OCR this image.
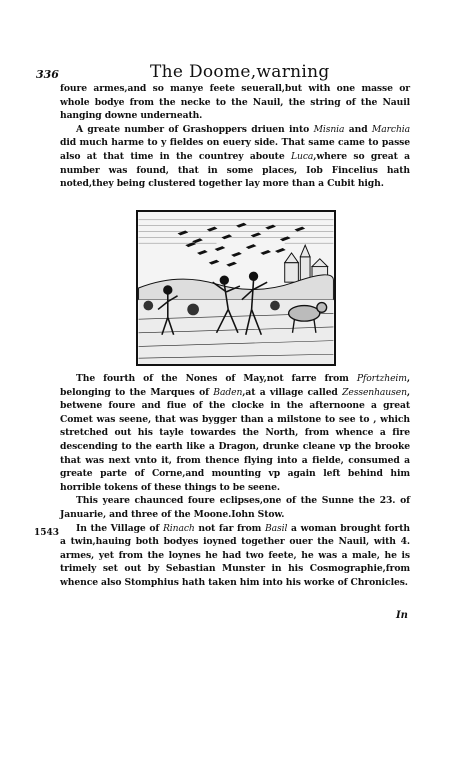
336	The Doome,warning

foure armes,and so manye feete seuerall,but with one masse or whole bodye from the necke to the Nauil, the string of the Nauil hanging downe underneath.

A greate number of Grashoppers driuen into Misnia and Marchia did much harme to y fieldes on euery side. That same came to passe also at that time in the countrey aboute Luca,where so great a number was found, that in some places, Iob Fincelius hath noted,they being clustered together lay more than a Cubit high.

The fourth of the Nones of May,not farre from Pfortzheim, belonging to the Marques of Baden,at a village called Zessenhausen, betwene foure and fiue of the clocke in the afternoone a great Comet was seene, that was bygger than a milstone to see to , which stretched out his tayle towardes the North, from whence a fire descending to the earth like a Dragon, drunke cleane vp the brooke that was next vnto it, from thence flying into a fielde, consumed a greate parte of Corne,and mounting vp again left behind him horrible tokens of these things to be seene.

This yeare chaunced foure eclipses,one of the Sunne the 23. of Januarie, and three of the Moone.Iohn Stow.

In the Village of Rinach not far from Basil a woman brought forth a twin,hauing both bodyes ioyned together ouer the Nauil, with 4. armes, yet from the loynes he had two feete, he was a male, he is trimely set out by Sebastian Munster in his Cosmographie,from whence also Stomphius hath taken him into his worke of Chronicles.

1543
In
